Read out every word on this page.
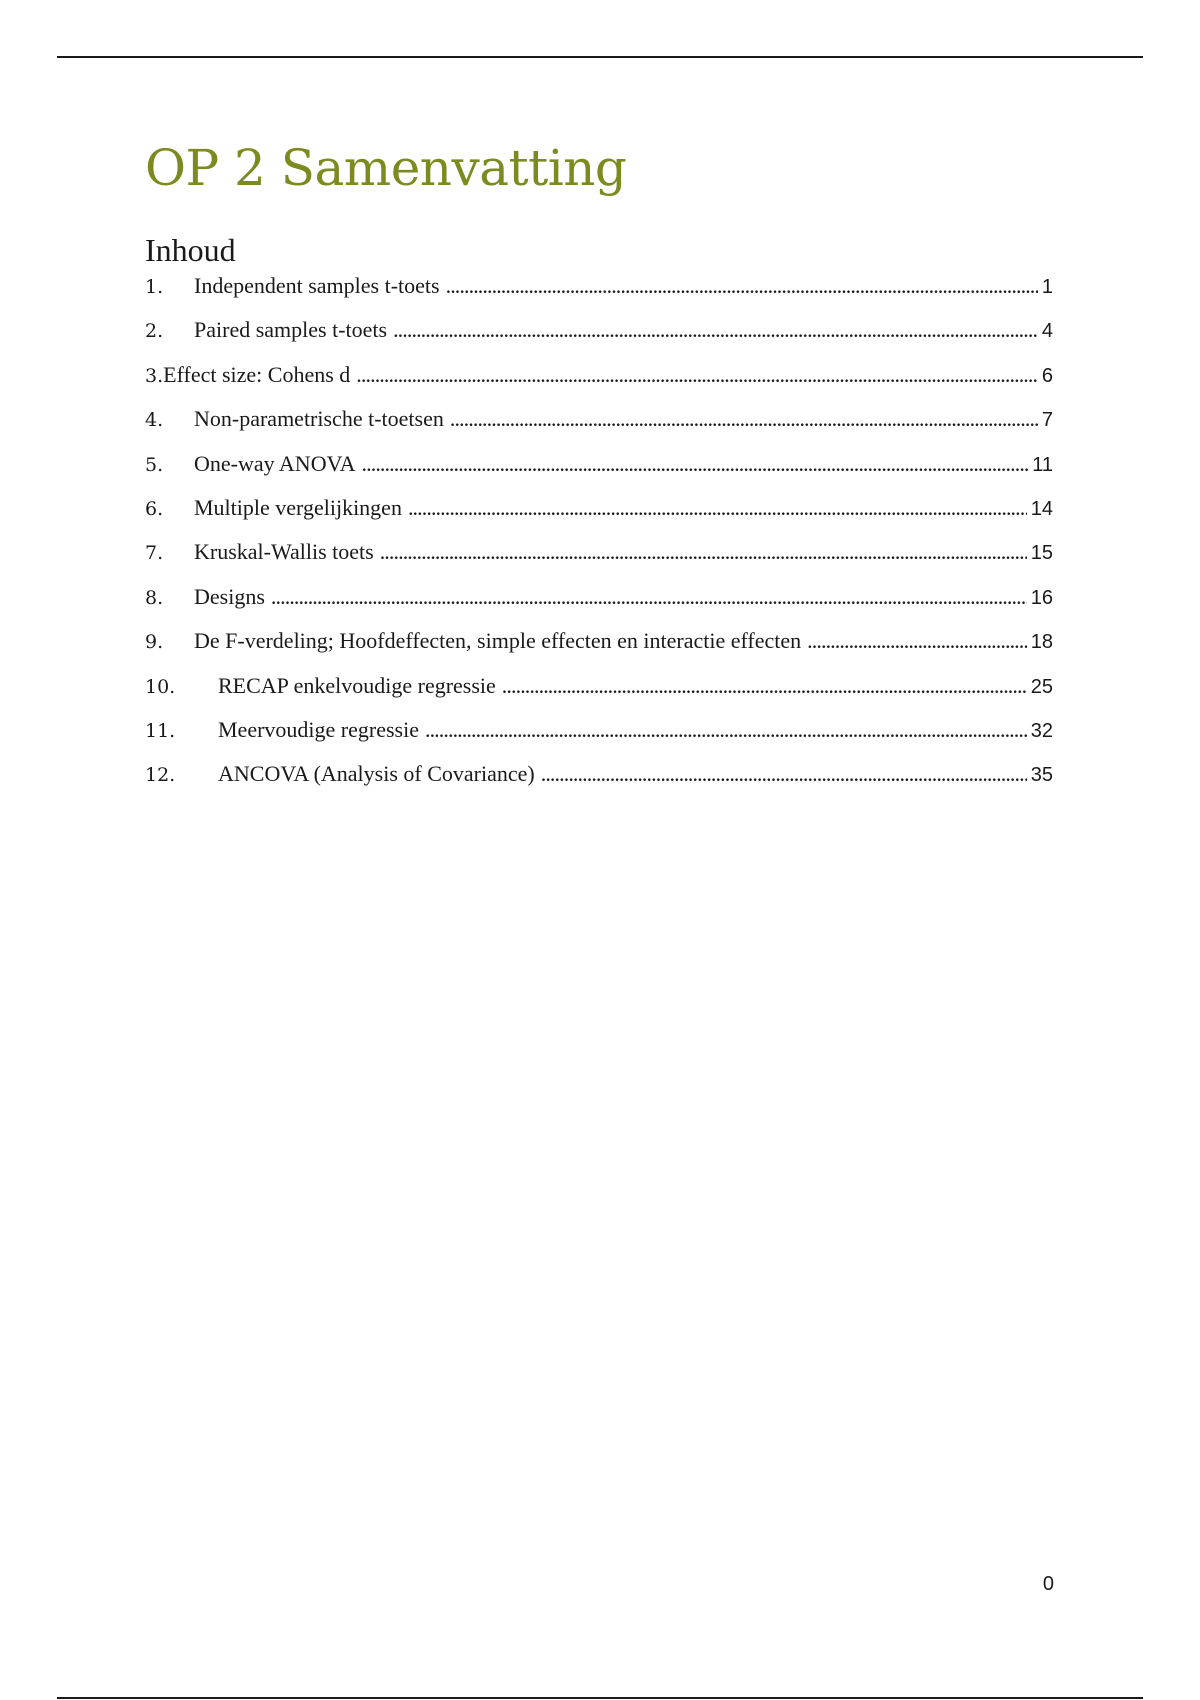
OP 2 Samenvatting
Inhoud
1.	Independent samples t-toets . . .	1
2.	Paired samples t-toets . . .	4
3. Effect size: Cohens d . . .	6
4.	Non-parametrische t-toetsen . . .	7
5.	One-way ANOVA . . .	11
6.	Multiple vergelijkingen . . .	14
7.	Kruskal-Wallis toets . . .	15
8.	Designs . . .	16
9.	De F-verdeling; Hoofdeffecten, simple effecten en interactie effecten . . .	18
10.	RECAP enkelvoudige regressie . . .	25
11.	Meervoudige regressie . . .	32
12.	ANCOVA (Analysis of Covariance) . . .	35
0
